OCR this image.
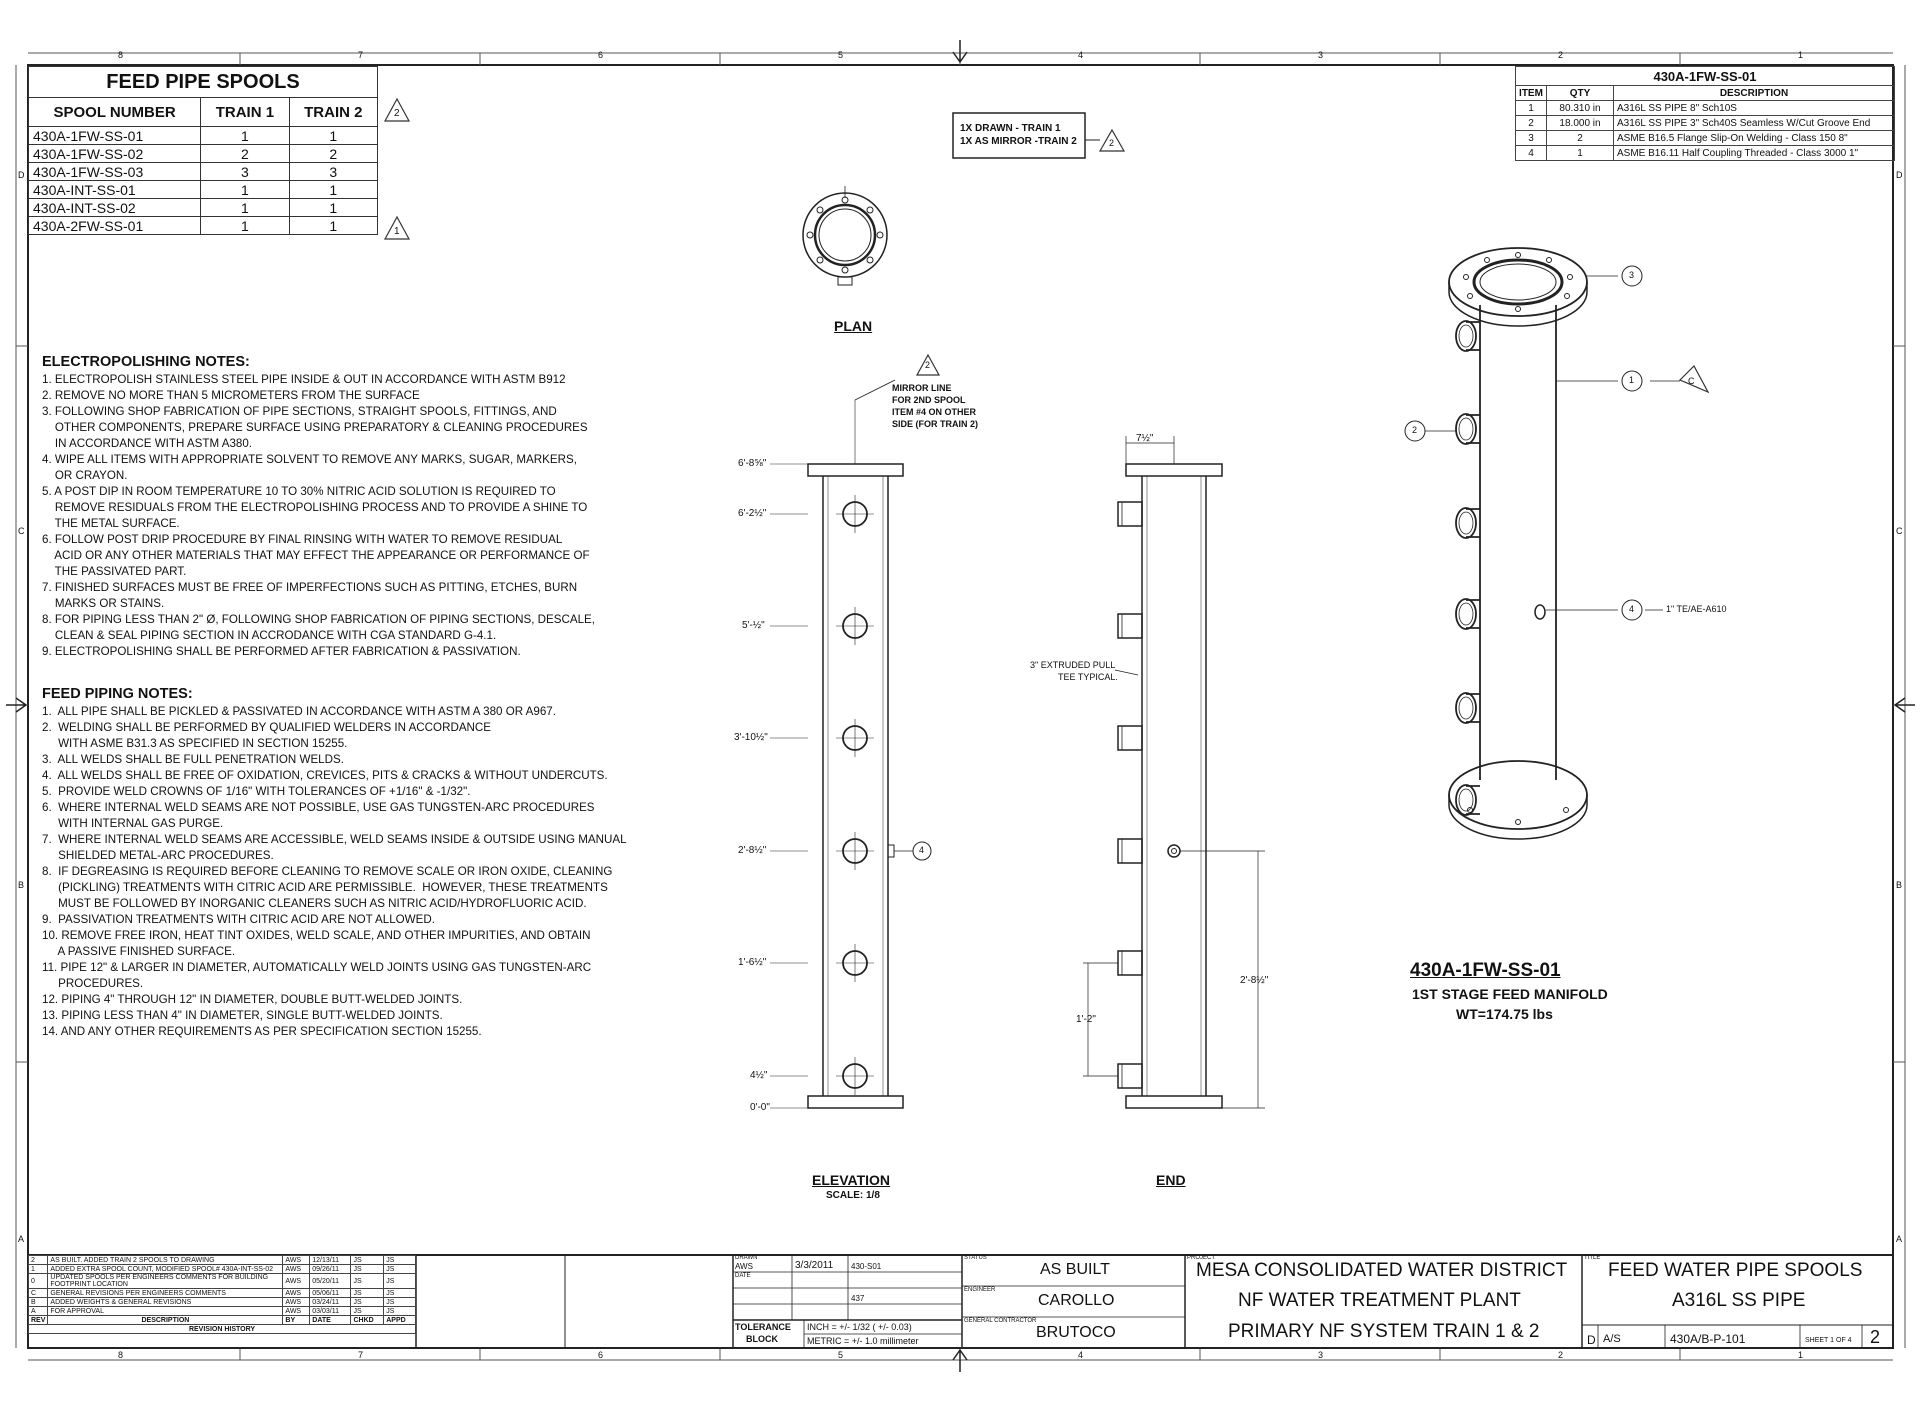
8	7	6	5	4	3	2	1
8	7	6	5	4	3	2	1
D
C
B
A
D
C
B
A
FEED PIPE SPOOLS		
SPOOL NUMBER	TRAIN 1	TRAIN 2
430A-1FW-SS-01	1	1
430A-1FW-SS-02	2	2
430A-1FW-SS-03	3	3
430A-INT-SS-01	1	1
430A-INT-SS-02	1	1
430A-2FW-SS-01	1	1
2
1
1X DRAWN - TRAIN 1
1X AS MIRROR -TRAIN 2	2
430A-1FW-SS-01		
ITEM	QTY	DESCRIPTION
1	80.310 in	A316L SS PIPE 8" Sch10S
2	18.000 in	A316L SS PIPE 3" Sch40S Seamless W/Cut Groove End
3	2	ASME B16.5 Flange Slip-On Welding - Class 150 8"
4	1	ASME B16.11 Half Coupling Threaded - Class 3000 1"
ELECTROPOLISHING NOTES:
1. ELECTROPOLISH STAINLESS STEEL PIPE INSIDE & OUT IN ACCORDANCE WITH ASTM B912
2. REMOVE NO MORE THAN 5 MICROMETERS FROM THE SURFACE
3. FOLLOWING SHOP FABRICATION OF PIPE SECTIONS, STRAIGHT SPOOLS, FITTINGS, AND
OTHER COMPONENTS, PREPARE SURFACE USING PREPARATORY & CLEANING PROCEDURES
IN ACCORDANCE WITH ASTM A380.
4. WIPE ALL ITEMS WITH APPROPRIATE SOLVENT TO REMOVE ANY MARKS, SUGAR, MARKERS,
OR CRAYON.
5. A POST DIP IN ROOM TEMPERATURE 10 TO 30% NITRIC ACID SOLUTION IS REQUIRED TO
REMOVE RESIDUALS FROM THE ELECTROPOLISHING PROCESS AND TO PROVIDE A SHINE TO
THE METAL SURFACE.
6. FOLLOW POST DRIP PROCEDURE BY FINAL RINSING WITH WATER TO REMOVE RESIDUAL
ACID OR ANY OTHER MATERIALS THAT MAY EFFECT THE APPEARANCE OR PERFORMANCE OF
THE PASSIVATED PART.
7. FINISHED SURFACES MUST BE FREE OF IMPERFECTIONS SUCH AS PITTING, ETCHES, BURN
MARKS OR STAINS.
8. FOR PIPING LESS THAN 2" Ø, FOLLOWING SHOP FABRICATION OF PIPING SECTIONS, DESCALE,
CLEAN & SEAL PIPING SECTION IN ACCRODANCE WITH CGA STANDARD G-4.1.
9. ELECTROPOLISHING SHALL BE PERFORMED AFTER FABRICATION & PASSIVATION.
FEED PIPING NOTES:
1.  ALL PIPE SHALL BE PICKLED & PASSIVATED IN ACCORDANCE WITH ASTM A 380 OR A967.
2.  WELDING SHALL BE PERFORMED BY QUALIFIED WELDERS IN ACCORDANCE
WITH ASME B31.3 AS SPECIFIED IN SECTION 15255.
3.  ALL WELDS SHALL BE FULL PENETRATION WELDS.
4.  ALL WELDS SHALL BE FREE OF OXIDATION, CREVICES, PITS & CRACKS & WITHOUT UNDERCUTS.
5.  PROVIDE WELD CROWNS OF 1/16" WITH TOLERANCES OF +1/16" & -1/32".
6.  WHERE INTERNAL WELD SEAMS ARE NOT POSSIBLE, USE GAS TUNGSTEN-ARC PROCEDURES
WITH INTERNAL GAS PURGE.
7.  WHERE INTERNAL WELD SEAMS ARE ACCESSIBLE, WELD SEAMS INSIDE & OUTSIDE USING MANUAL
SHIELDED METAL-ARC PROCEDURES.
8.  IF DEGREASING IS REQUIRED BEFORE CLEANING TO REMOVE SCALE OR IRON OXIDE, CLEANING
(PICKLING) TREATMENTS WITH CITRIC ACID ARE PERMISSIBLE.  HOWEVER, THESE TREATMENTS
MUST BE FOLLOWED BY INORGANIC CLEANERS SUCH AS NITRIC ACID/HYDROFLUORIC ACID.
9.  PASSIVATION TREATMENTS WITH CITRIC ACID ARE NOT ALLOWED.
10. REMOVE FREE IRON, HEAT TINT OXIDES, WELD SCALE, AND OTHER IMPURITIES, AND OBTAIN
A PASSIVE FINISHED SURFACE.
11. PIPE 12" & LARGER IN DIAMETER, AUTOMATICALLY WELD JOINTS USING GAS TUNGSTEN-ARC
PROCEDURES.
12. PIPING 4" THROUGH 12" IN DIAMETER, DOUBLE BUTT-WELDED JOINTS.
13. PIPING LESS THAN 4" IN DIAMETER, SINGLE BUTT-WELDED JOINTS.
14. AND ANY OTHER REQUIREMENTS AS PER SPECIFICATION SECTION 15255.
PLAN
ELEVATION
SCALE: 1/8
END
2
MIRROR LINE
FOR 2ND SPOOL
ITEM #4 ON OTHER
SIDE (FOR TRAIN 2)
6'-8⅝"
6'-2½"
5'-½"
3'-10½"
2'-8½"
1'-6½"
4½"
0'-0"
4
7½"
3" EXTRUDED PULL
TEE TYPICAL.
1'-2"
2'-8½"
3
1
2
4
C
1" TE/AE-A610
430A-1FW-SS-01
1ST STAGE FEED MANIFOLD
WT=174.75 lbs
2	AS BUILT. ADDED TRAIN 2 SPOOLS TO DRAWING	AWS	12/13/11	JS	JS
1	ADDED EXTRA SPOOL COUNT, MODIFIED SPOOL# 430A-INT-SS-02	AWS	09/26/11	JS	JS
0	UPDATED SPOOLS PER ENGINEERS COMMENTS FOR BUILDING FOOTPRINT LOCATION	AWS	05/20/11	JS	JS
C	GENERAL REVISIONS PER ENGINEERS COMMENTS	AWS	05/06/11	JS	JS
B	ADDED WEIGHTS & GENERAL REVISIONS	AWS	03/24/11	JS	JS
A	FOR APPROVAL	AWS	03/03/11	JS	JS
REV	DESCRIPTION	BY	DATE	CHKD	APPD
REVISION HISTORY					
DRAWN
AWS
DATE
3/3/2011 430-S01
437
TOLERANCE
BLOCK
INCH = +/- 1/32 ( +/- 0.03)
METRIC = +/- 1.0 millimeter
STATUS
AS BUILT
ENGINEER
CAROLLO
GENERAL CONTRACTOR
BRUTOCO
PROJECT
MESA CONSOLIDATED WATER DISTRICT
NF WATER TREATMENT PLANT
PRIMARY NF SYSTEM TRAIN 1 & 2
TITLE
FEED WATER PIPE SPOOLS
A316L SS PIPE
D A/S	430A/B-P-101	SHEET 1 OF 4 2
